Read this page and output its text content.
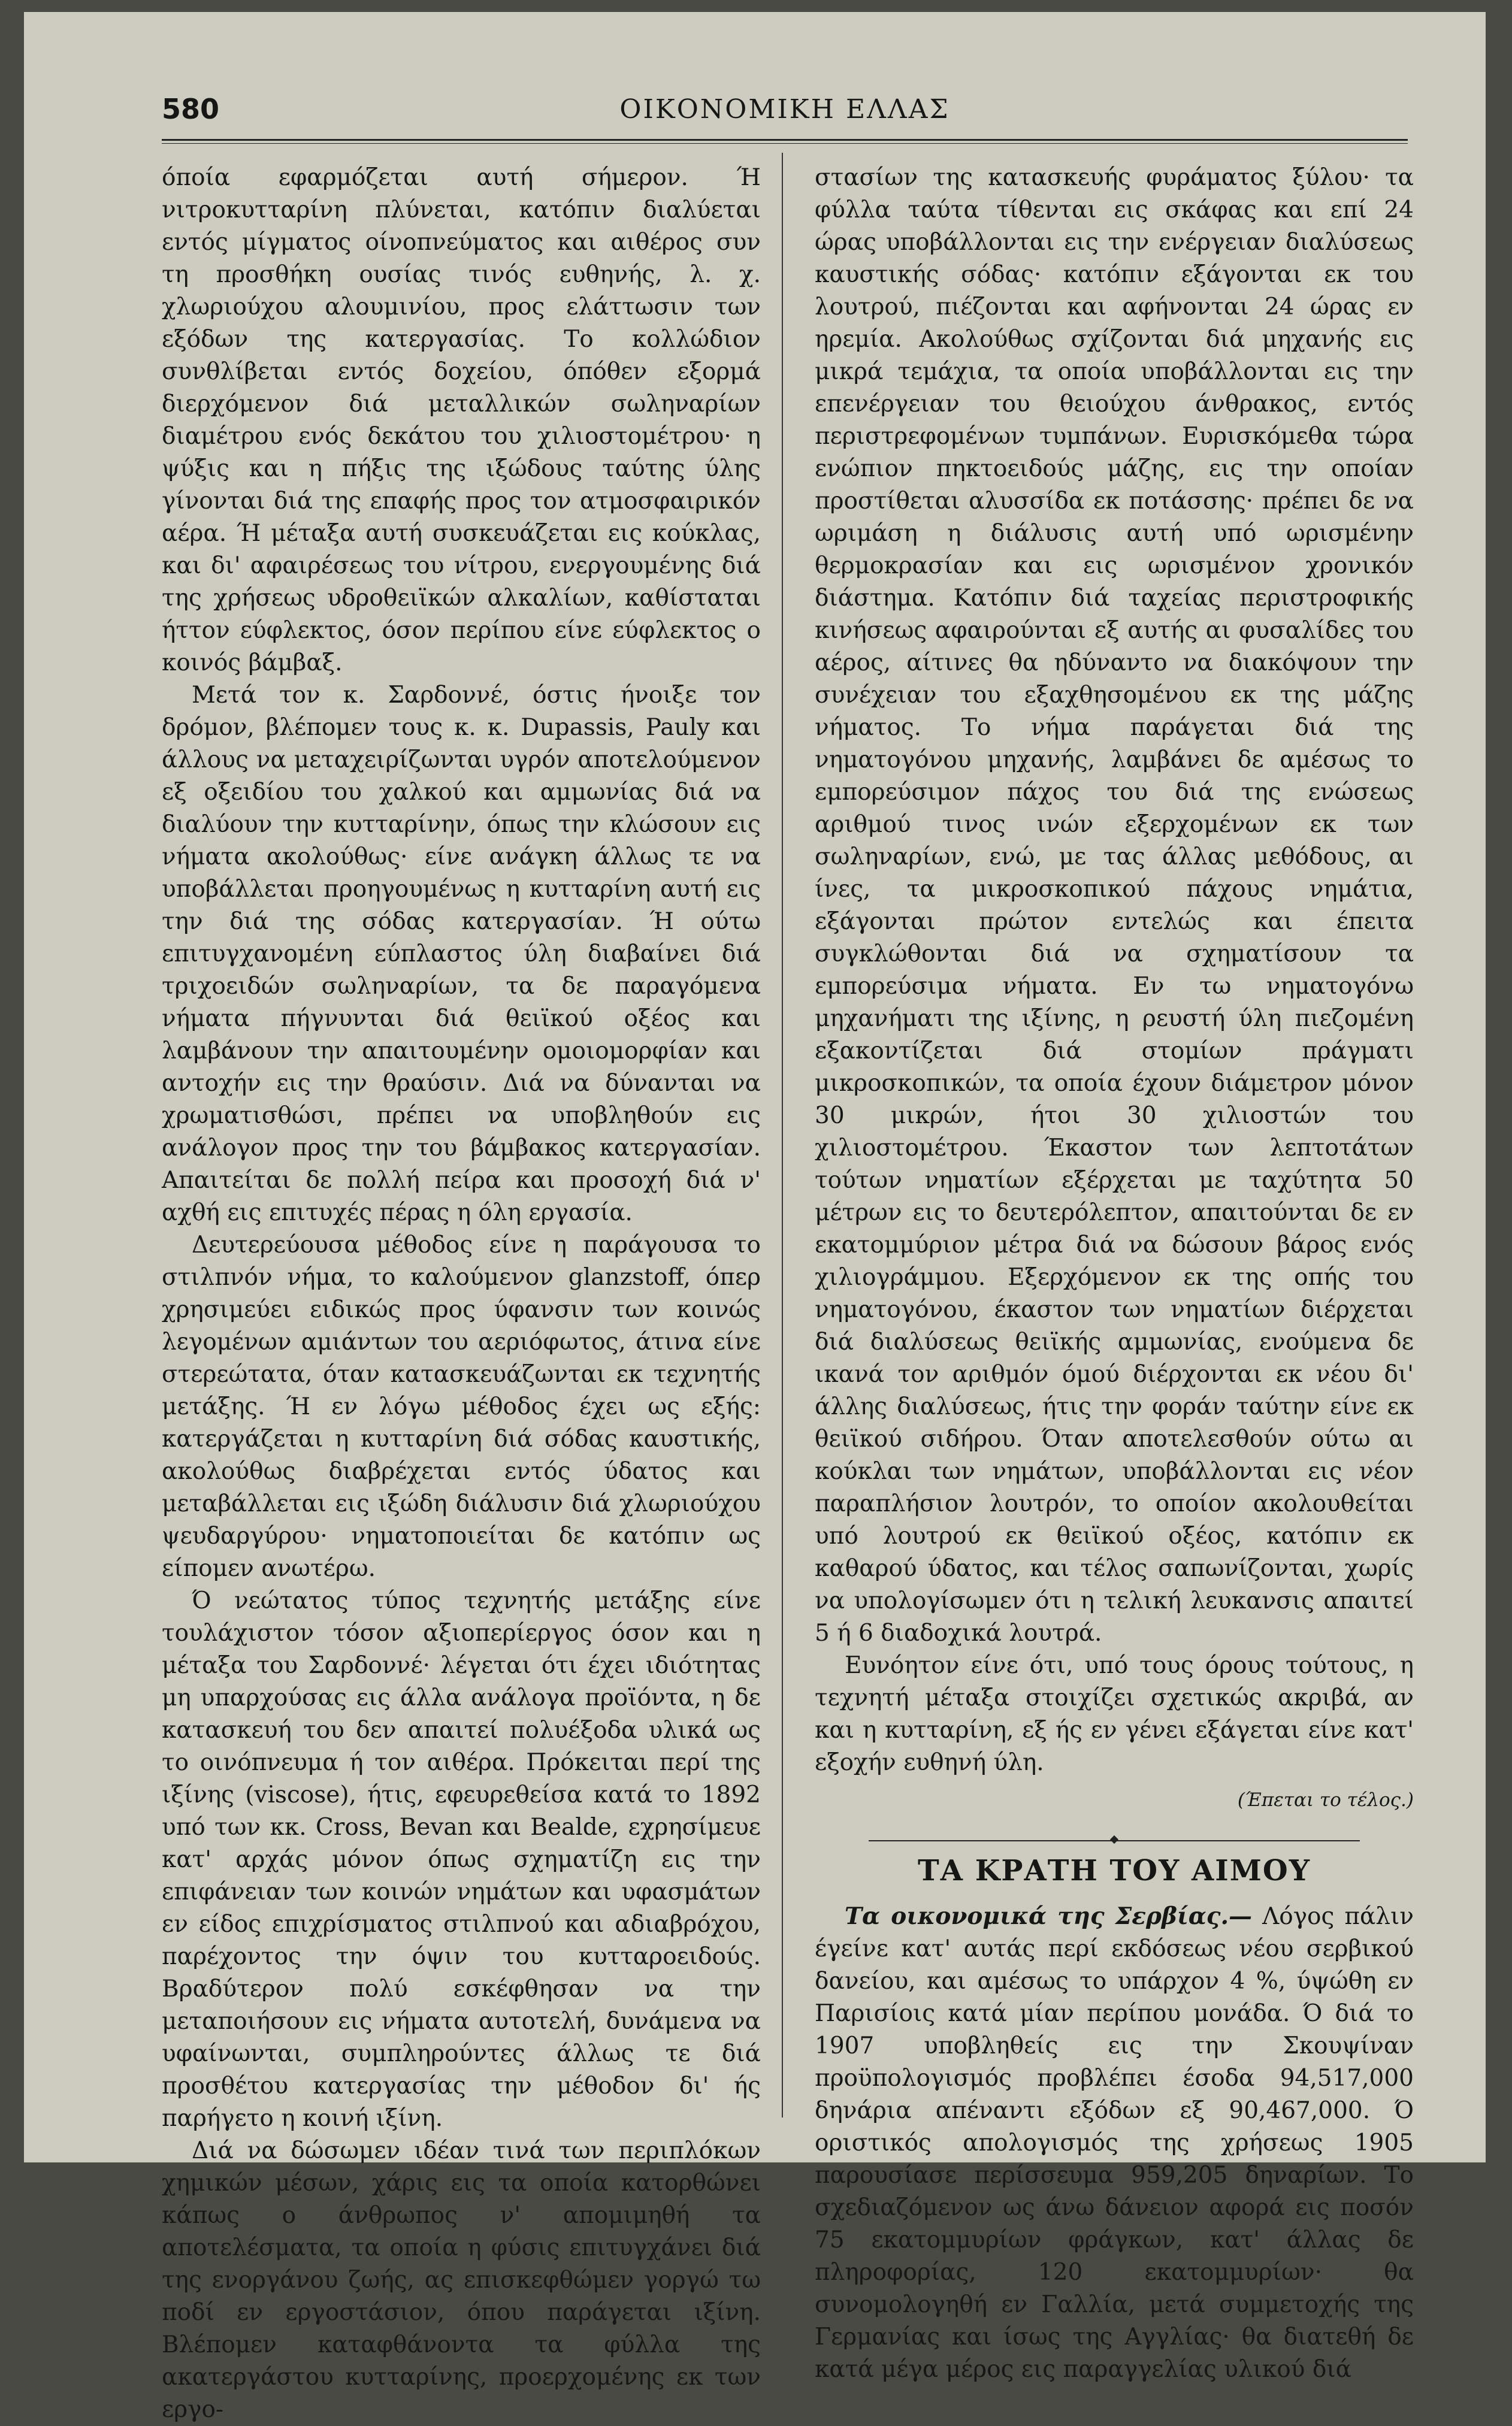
580	ΟΙΚΟΝΟΜΙΚΗ ΕΛΛΑΣ

όποία εφαρμόζεται αυτή σήμερον. Ή νιτροκυτταρίνη πλύνεται, κατόπιν διαλύεται εντός μίγματος οίνοπνεύματος και αιθέρος συν τη προσθήκη ουσίας τινός ευθηνής, λ. χ. χλωριούχου αλουμινίου, προς ελάττωσιν των εξόδων της κατεργασίας. Το κολλώδιον συνθλίβεται εντός δοχείου, όπόθεν εξορμά διερχόμενον διά μεταλλικών σωληναρίων διαμέτρου ενός δεκάτου του χιλιοστομέτρου· η ψύξις και η πήξις της ιξώδους ταύτης ύλης γίνονται διά της επαφής προς τον ατμοσφαιρικόν αέρα. Ή μέταξα αυτή συσκευάζεται εις κούκλας, και δι' αφαιρέσεως του νίτρου, ενεργουμένης διά της χρήσεως υδροθειϊκών αλκαλίων, καθίσταται ήττον εύφλεκτος, όσον περίπου είνε εύφλεκτος ο κοινός βάμβαξ.

Μετά τον κ. Σαρδοννέ, όστις ήνοιξε τον δρόμον, βλέπομεν τους κ. κ. Dupassis, Pauly και άλλους να μεταχειρίζωνται υγρόν αποτελούμενον εξ οξειδίου του χαλκού και αμμωνίας διά να διαλύουν την κυτταρίνην, όπως την κλώσουν εις νήματα ακολούθως· είνε ανάγκη άλλως τε να υποβάλλεται προηγουμένως η κυτταρίνη αυτή εις την διά της σόδας κατεργασίαν. Ή ούτω επιτυγχανομένη εύπλαστος ύλη διαβαίνει διά τριχοειδών σωληναρίων, τα δε παραγόμενα νήματα πήγνυνται διά θειϊκού οξέος και λαμβάνουν την απαιτουμένην ομοιομορφίαν και αντοχήν εις την θραύσιν. Διά να δύνανται να χρωματισθώσι, πρέπει να υποβληθούν εις ανάλογον προς την του βάμβακος κατεργασίαν. Απαιτείται δε πολλή πείρα και προσοχή διά ν' αχθή εις επιτυχές πέρας η όλη εργασία.

Δευτερεύουσα μέθοδος είνε η παράγουσα το στιλπνόν νήμα, το καλούμενον glanzstoff, όπερ χρησιμεύει ειδικώς προς ύφανσιν των κοινώς λεγομένων αμιάντων του αεριόφωτος, άτινα είνε στερεώτατα, όταν κατασκευάζωνται εκ τεχνητής μετάξης. Ή εν λόγω μέθοδος έχει ως εξής: κατεργάζεται η κυτταρίνη διά σόδας καυστικής, ακολούθως διαβρέχεται εντός ύδατος και μεταβάλλεται εις ιξώδη διάλυσιν διά χλωριούχου ψευδαργύρου· νηματοποιείται δε κατόπιν ως είπομεν ανωτέρω.

Ό νεώτατος τύπος τεχνητής μετάξης είνε τουλάχιστον τόσον αξιοπερίεργος όσον και η μέταξα του Σαρδοννέ· λέγεται ότι έχει ιδιότητας μη υπαρχούσας εις άλλα ανάλογα προϊόντα, η δε κατασκευή του δεν απαιτεί πολυέξοδα υλικά ως το οινόπνευμα ή τον αιθέρα. Πρόκειται περί της ιξίνης (viscose), ήτις, εφευρεθείσα κατά το 1892 υπό των κκ. Cross, Bevan και Bealde, εχρησίμευε κατ' αρχάς μόνον όπως σχηματίζη εις την επιφάνειαν των κοινών νημάτων και υφασμάτων εν είδος επιχρίσματος στιλπνού και αδιαβρόχου, παρέχοντος την όψιν του κυτταροειδούς. Βραδύτερον πολύ εσκέφθησαν να την μεταποιήσουν εις νήματα αυτοτελή, δυνάμενα να υφαίνωνται, συμπληρούντες άλλως τε διά προσθέτου κατεργασίας την μέθοδον δι' ής παρήγετο η κοινή ιξίνη.

Διά να δώσωμεν ιδέαν τινά των περιπλόκων χημικών μέσων, χάρις εις τα οποία κατορθώνει κάπως ο άνθρωπος ν' απομιμηθή τα αποτελέσματα, τα οποία η φύσις επιτυγχάνει διά της ενοργάνου ζωής, ας επισκεφθώμεν γοργώ τω ποδί εν εργοστάσιον, όπου παράγεται ιξίνη. Βλέπομεν καταφθάνοντα τα φύλλα της ακατεργάστου κυτταρίνης, προερχομένης εκ των εργο-

στασίων της κατασκευής φυράματος ξύλου· τα φύλλα ταύτα τίθενται εις σκάφας και επί 24 ώρας υποβάλλονται εις την ενέργειαν διαλύσεως καυστικής σόδας· κατόπιν εξάγονται εκ του λουτρού, πιέζονται και αφήνονται 24 ώρας εν ηρεμία. Ακολούθως σχίζονται διά μηχανής εις μικρά τεμάχια, τα οποία υποβάλλονται εις την επενέργειαν του θειούχου άνθρακος, εντός περιστρεφομένων τυμπάνων. Ευρισκόμεθα τώρα ενώπιον πηκτοειδούς μάζης, εις την οποίαν προστίθεται αλυσσίδα εκ ποτάσσης· πρέπει δε να ωριμάση η διάλυσις αυτή υπό ωρισμένην θερμοκρασίαν και εις ωρισμένον χρονικόν διάστημα. Κατόπιν διά ταχείας περιστροφικής κινήσεως αφαιρούνται εξ αυτής αι φυσαλίδες του αέρος, αίτινες θα ηδύναντο να διακόψουν την συνέχειαν του εξαχθησομένου εκ της μάζης νήματος. Το νήμα παράγεται διά της νηματογόνου μηχανής, λαμβάνει δε αμέσως το εμπορεύσιμον πάχος του διά της ενώσεως αριθμού τινος ινών εξερχομένων εκ των σωληναρίων, ενώ, με τας άλλας μεθόδους, αι ίνες, τα μικροσκοπικού πάχους νημάτια, εξάγονται πρώτον εντελώς και έπειτα συγκλώθονται διά να σχηματίσουν τα εμπορεύσιμα νήματα. Εν τω νηματογόνω μηχανήματι της ιξίνης, η ρευστή ύλη πιεζομένη εξακοντίζεται διά στομίων πράγματι μικροσκοπικών, τα οποία έχουν διάμετρον μόνον 30 μικρών, ήτοι 30 χιλιοστών του χιλιοστομέτρου. Έκαστον των λεπτοτάτων τούτων νηματίων εξέρχεται με ταχύτητα 50 μέτρων εις το δευτερόλεπτον, απαιτούνται δε εν εκατομμύριον μέτρα διά να δώσουν βάρος ενός χιλιογράμμου. Εξερχόμενον εκ της οπής του νηματογόνου, έκαστον των νηματίων διέρχεται διά διαλύσεως θειϊκής αμμωνίας, ενούμενα δε ικανά τον αριθμόν όμού διέρχονται εκ νέου δι' άλλης διαλύσεως, ήτις την φοράν ταύτην είνε εκ θειϊκού σιδήρου. Όταν αποτελεσθούν ούτω αι κούκλαι των νημάτων, υποβάλλονται εις νέον παραπλήσιον λουτρόν, το οποίον ακολουθείται υπό λουτρού εκ θειϊκού οξέος, κατόπιν εκ καθαρού ύδατος, και τέλος σαπωνίζονται, χωρίς να υπολογίσωμεν ότι η τελική λευκανσις απαιτεί 5 ή 6 διαδοχικά λουτρά.

Ευνόητον είνε ότι, υπό τους όρους τούτους, η τεχνητή μέταξα στοιχίζει σχετικώς ακριβά, αν και η κυτταρίνη, εξ ής εν γένει εξάγεται είνε κατ' εξοχήν ευθηνή ύλη.

(Έπεται το τέλος.)
ΤΑ ΚΡΑΤΗ ΤΟΥ ΑΙΜΟΥ

Τα οικονομικά της Σερβίας.— Λόγος πάλιν έγείνε κατ' αυτάς περί εκδόσεως νέου σερβικού δανείου, και αμέσως το υπάρχον 4 %, ύψώθη εν Παρισίοις κατά μίαν περίπου μονάδα. Ό διά το 1907 υποβληθείς εις την Σκουψίναν προϋπολογισμός προβλέπει έσοδα 94,517,000 δηνάρια απέναντι εξόδων εξ 90,467,000. Ό οριστικός απολογισμός της χρήσεως 1905 παρουσίασε περίσσευμα 959,205 δηναρίων. Το σχεδιαζόμενον ως άνω δάνειον αφορά εις ποσόν 75 εκατομμυρίων φράγκων, κατ' άλλας δε πληροφορίας, 120 εκατομμυρίων· θα συνομολογηθή εν Γαλλία, μετά συμμετοχής της Γερμανίας και ίσως της Αγγλίας· θα διατεθή δε κατά μέγα μέρος εις παραγγελίας υλικού διά
